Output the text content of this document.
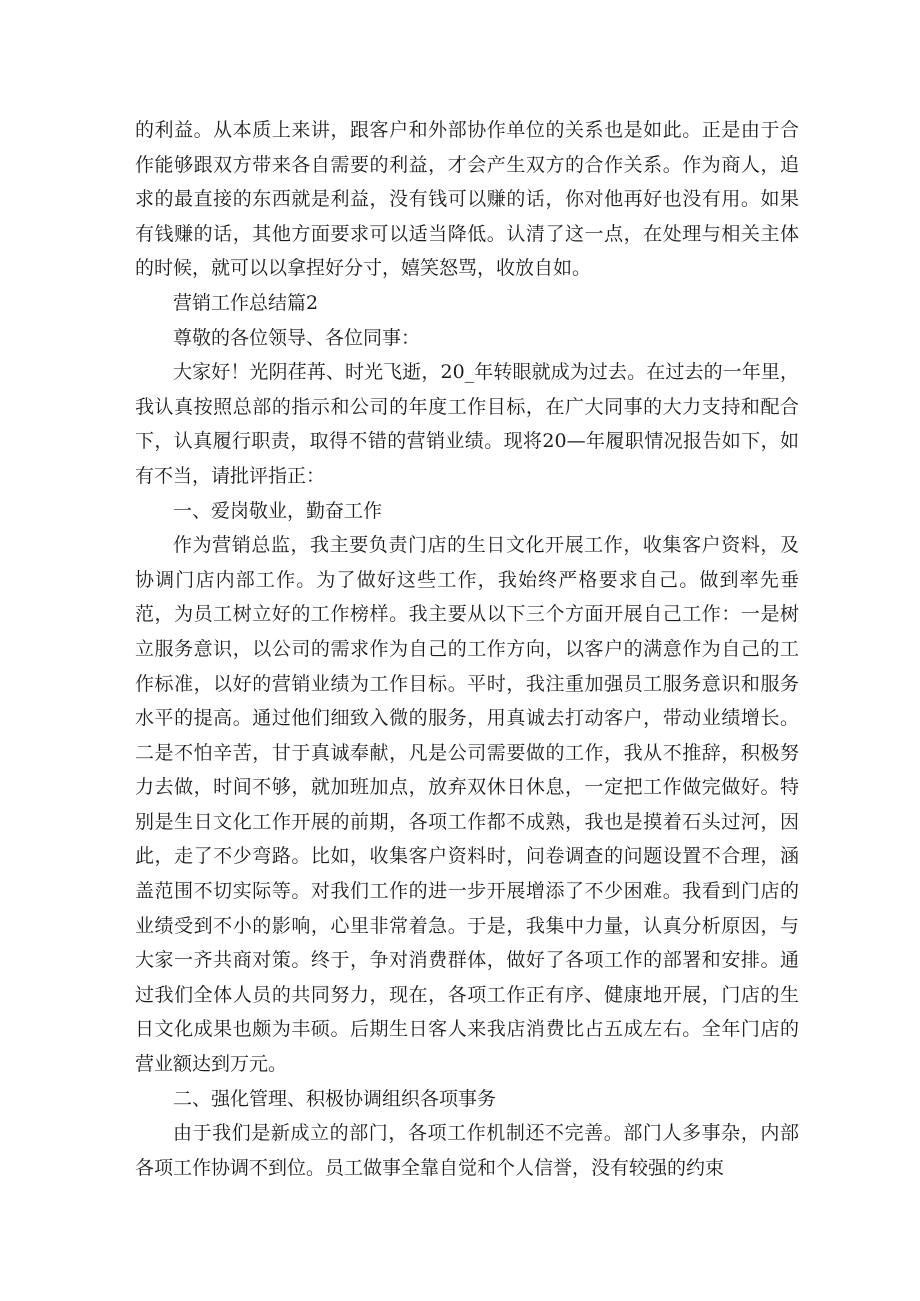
的利益。从本质上来讲，跟客户和外部协作单位的关系也是如此。正是由于合作能够跟双方带来各自需要的利益，才会产生双方的合作关系。作为商人，追求的最直接的东西就是利益，没有钱可以赚的话，你对他再好也没有用。如果有钱赚的话，其他方面要求可以适当降低。认清了这一点，在处理与相关主体的时候，就可以以拿捏好分寸，嬉笑怒骂，收放自如。

营销工作总结篇2

尊敬的各位领导、各位同事：

大家好！光阴荏苒、时光飞逝，20_年转眼就成为过去。在过去的一年里，我认真按照总部的指示和公司的年度工作目标，在广大同事的大力支持和配合下，认真履行职责，取得不错的营销业绩。现将20—年履职情况报告如下，如有不当，请批评指正：

一、爱岗敬业，勤奋工作

作为营销总监，我主要负责门店的生日文化开展工作，收集客户资料，及协调门店内部工作。为了做好这些工作，我始终严格要求自己。做到率先垂范，为员工树立好的工作榜样。我主要从以下三个方面开展自己工作：一是树立服务意识，以公司的需求作为自己的工作方向，以客户的满意作为自己的工作标准，以好的营销业绩为工作目标。平时，我注重加强员工服务意识和服务水平的提高。通过他们细致入微的服务，用真诚去打动客户，带动业绩增长。二是不怕辛苦，甘于真诚奉献，凡是公司需要做的工作，我从不推辞，积极努力去做，时间不够，就加班加点，放弃双休日休息，一定把工作做完做好。特别是生日文化工作开展的前期，各项工作都不成熟，我也是摸着石头过河，因此，走了不少弯路。比如，收集客户资料时，问卷调查的问题设置不合理，涵盖范围不切实际等。对我们工作的进一步开展增添了不少困难。我看到门店的业绩受到不小的影响，心里非常着急。于是，我集中力量，认真分析原因，与大家一齐共商对策。终于，争对消费群体，做好了各项工作的部署和安排。通过我们全体人员的共同努力，现在，各项工作正有序、健康地开展，门店的生日文化成果也颇为丰硕。后期生日客人来我店消费比占五成左右。全年门店的营业额达到万元。

二、强化管理、积极协调组织各项事务

由于我们是新成立的部门，各项工作机制还不完善。部门人多事杂，内部各项工作协调不到位。员工做事全靠自觉和个人信誉，没有较强的约束
